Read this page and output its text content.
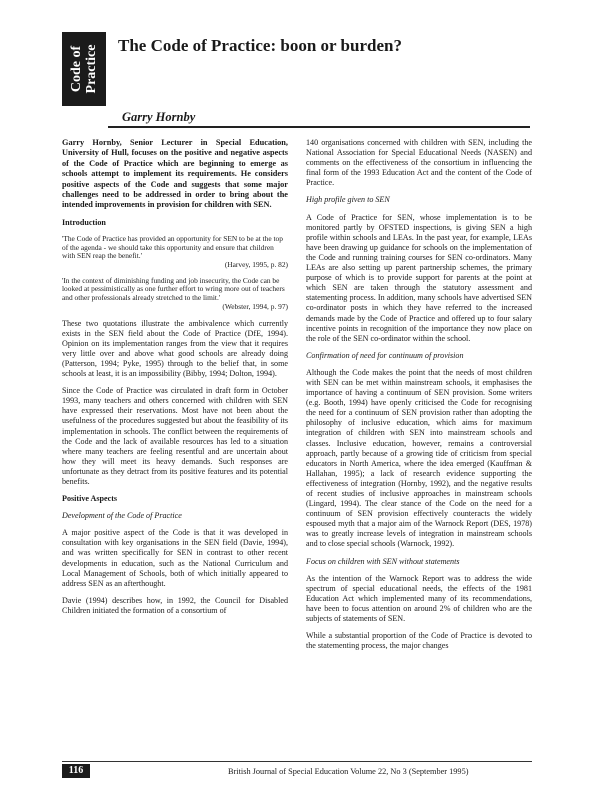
Code of Practice The Code of Practice: boon or burden?
Garry Hornby

Garry Hornby, Senior Lecturer in Special Education, University of Hull, focuses on the positive and negative aspects of the Code of Practice which are beginning to emerge as schools attempt to implement its requirements. He considers positive aspects of the Code and suggests that some major challenges need to be addressed in order to bring about the intended improvements in provision for children with SEN.

Introduction

'The Code of Practice has provided an opportunity for SEN to be at the top of the agenda - we should take this opportunity and ensure that children with SEN reap the benefit.'
(Harvey, 1995, p. 82)

'In the context of diminishing funding and job insecurity, the Code can be looked at pessimistically as one further effort to wring more out of teachers and other professionals already stretched to the limit.'
(Webster, 1994, p. 97)

These two quotations illustrate the ambivalence which currently exists in the SEN field about the Code of Practice (DfE, 1994). Opinion on its implementation ranges from the view that it requires very little over and above what good schools are already doing (Patterson, 1994; Pyke, 1995) through to the belief that, in some schools at least, it is an impossibility (Bibby, 1994; Dolton, 1994).

Since the Code of Practice was circulated in draft form in October 1993, many teachers and others concerned with children with SEN have expressed their reservations. Most have not been about the usefulness of the procedures suggested but about the feasibility of its implementation in schools. The conflict between the requirements of the Code and the lack of available resources has led to a situation where many teachers are feeling resentful and are uncertain about how they will meet its heavy demands. Such responses are unfortunate as they detract from its positive features and its potential benefits.

Positive Aspects

Development of the Code of Practice

A major positive aspect of the Code is that it was developed in consultation with key organisations in the SEN field (Davie, 1994), and was written specifically for SEN in contrast to other recent developments in education, such as the National Curriculum and Local Management of Schools, both of which initially appeared to address SEN as an afterthought.

Davie (1994) describes how, in 1992, the Council for Disabled Children initiated the formation of a consortium of

140 organisations concerned with children with SEN, including the National Association for Special Educational Needs (NASEN) and comments on the effectiveness of the consortium in influencing the final form of the 1993 Education Act and the content of the Code of Practice.

High profile given to SEN

A Code of Practice for SEN, whose implementation is to be monitored partly by OFSTED inspections, is giving SEN a high profile within schools and LEAs. In the past year, for example, LEAs have been drawing up guidance for schools on the implementation of the Code and running training courses for SEN co-ordinators. Many LEAs are also setting up parent partnership schemes, the primary purpose of which is to provide support for parents at the point at which SEN are taken through the statutory assessment and statementing process. In addition, many schools have advertised SEN co-ordinator posts in which they have referred to the increased demands made by the Code of Practice and offered up to four salary incentive points in recognition of the importance they now place on the role of the SEN co-ordinator within the school.

Confirmation of need for continuum of provision

Although the Code makes the point that the needs of most children with SEN can be met within mainstream schools, it emphasises the importance of having a continuum of SEN provision. Some writers (e.g. Booth, 1994) have openly criticised the Code for recognising the need for a continuum of SEN provision rather than adopting the philosophy of inclusive education, which aims for maximum integration of children with SEN into mainstream schools and classes. Inclusive education, however, remains a controversial approach, partly because of a growing tide of criticism from special educators in North America, where the idea emerged (Kauffman & Hallahan, 1995); a lack of research evidence supporting the effectiveness of integration (Hornby, 1992), and the negative results of recent studies of inclusive approaches in mainstream schools (Lingard, 1994). The clear stance of the Code on the need for a continuum of SEN provision effectively counteracts the widely espoused myth that a major aim of the Warnock Report (DES, 1978) was to greatly increase levels of integration in mainstream schools and to close special schools (Warnock, 1992).

Focus on children with SEN without statements

As the intention of the Warnock Report was to address the wide spectrum of special educational needs, the effects of the 1981 Education Act which implemented many of its recommendations, have been to focus attention on around 2% of children who are the subjects of statements of SEN.

While a substantial proportion of the Code of Practice is devoted to the statementing process, the major changes

116	British Journal of Special Education Volume 22, No 3 (September 1995)
